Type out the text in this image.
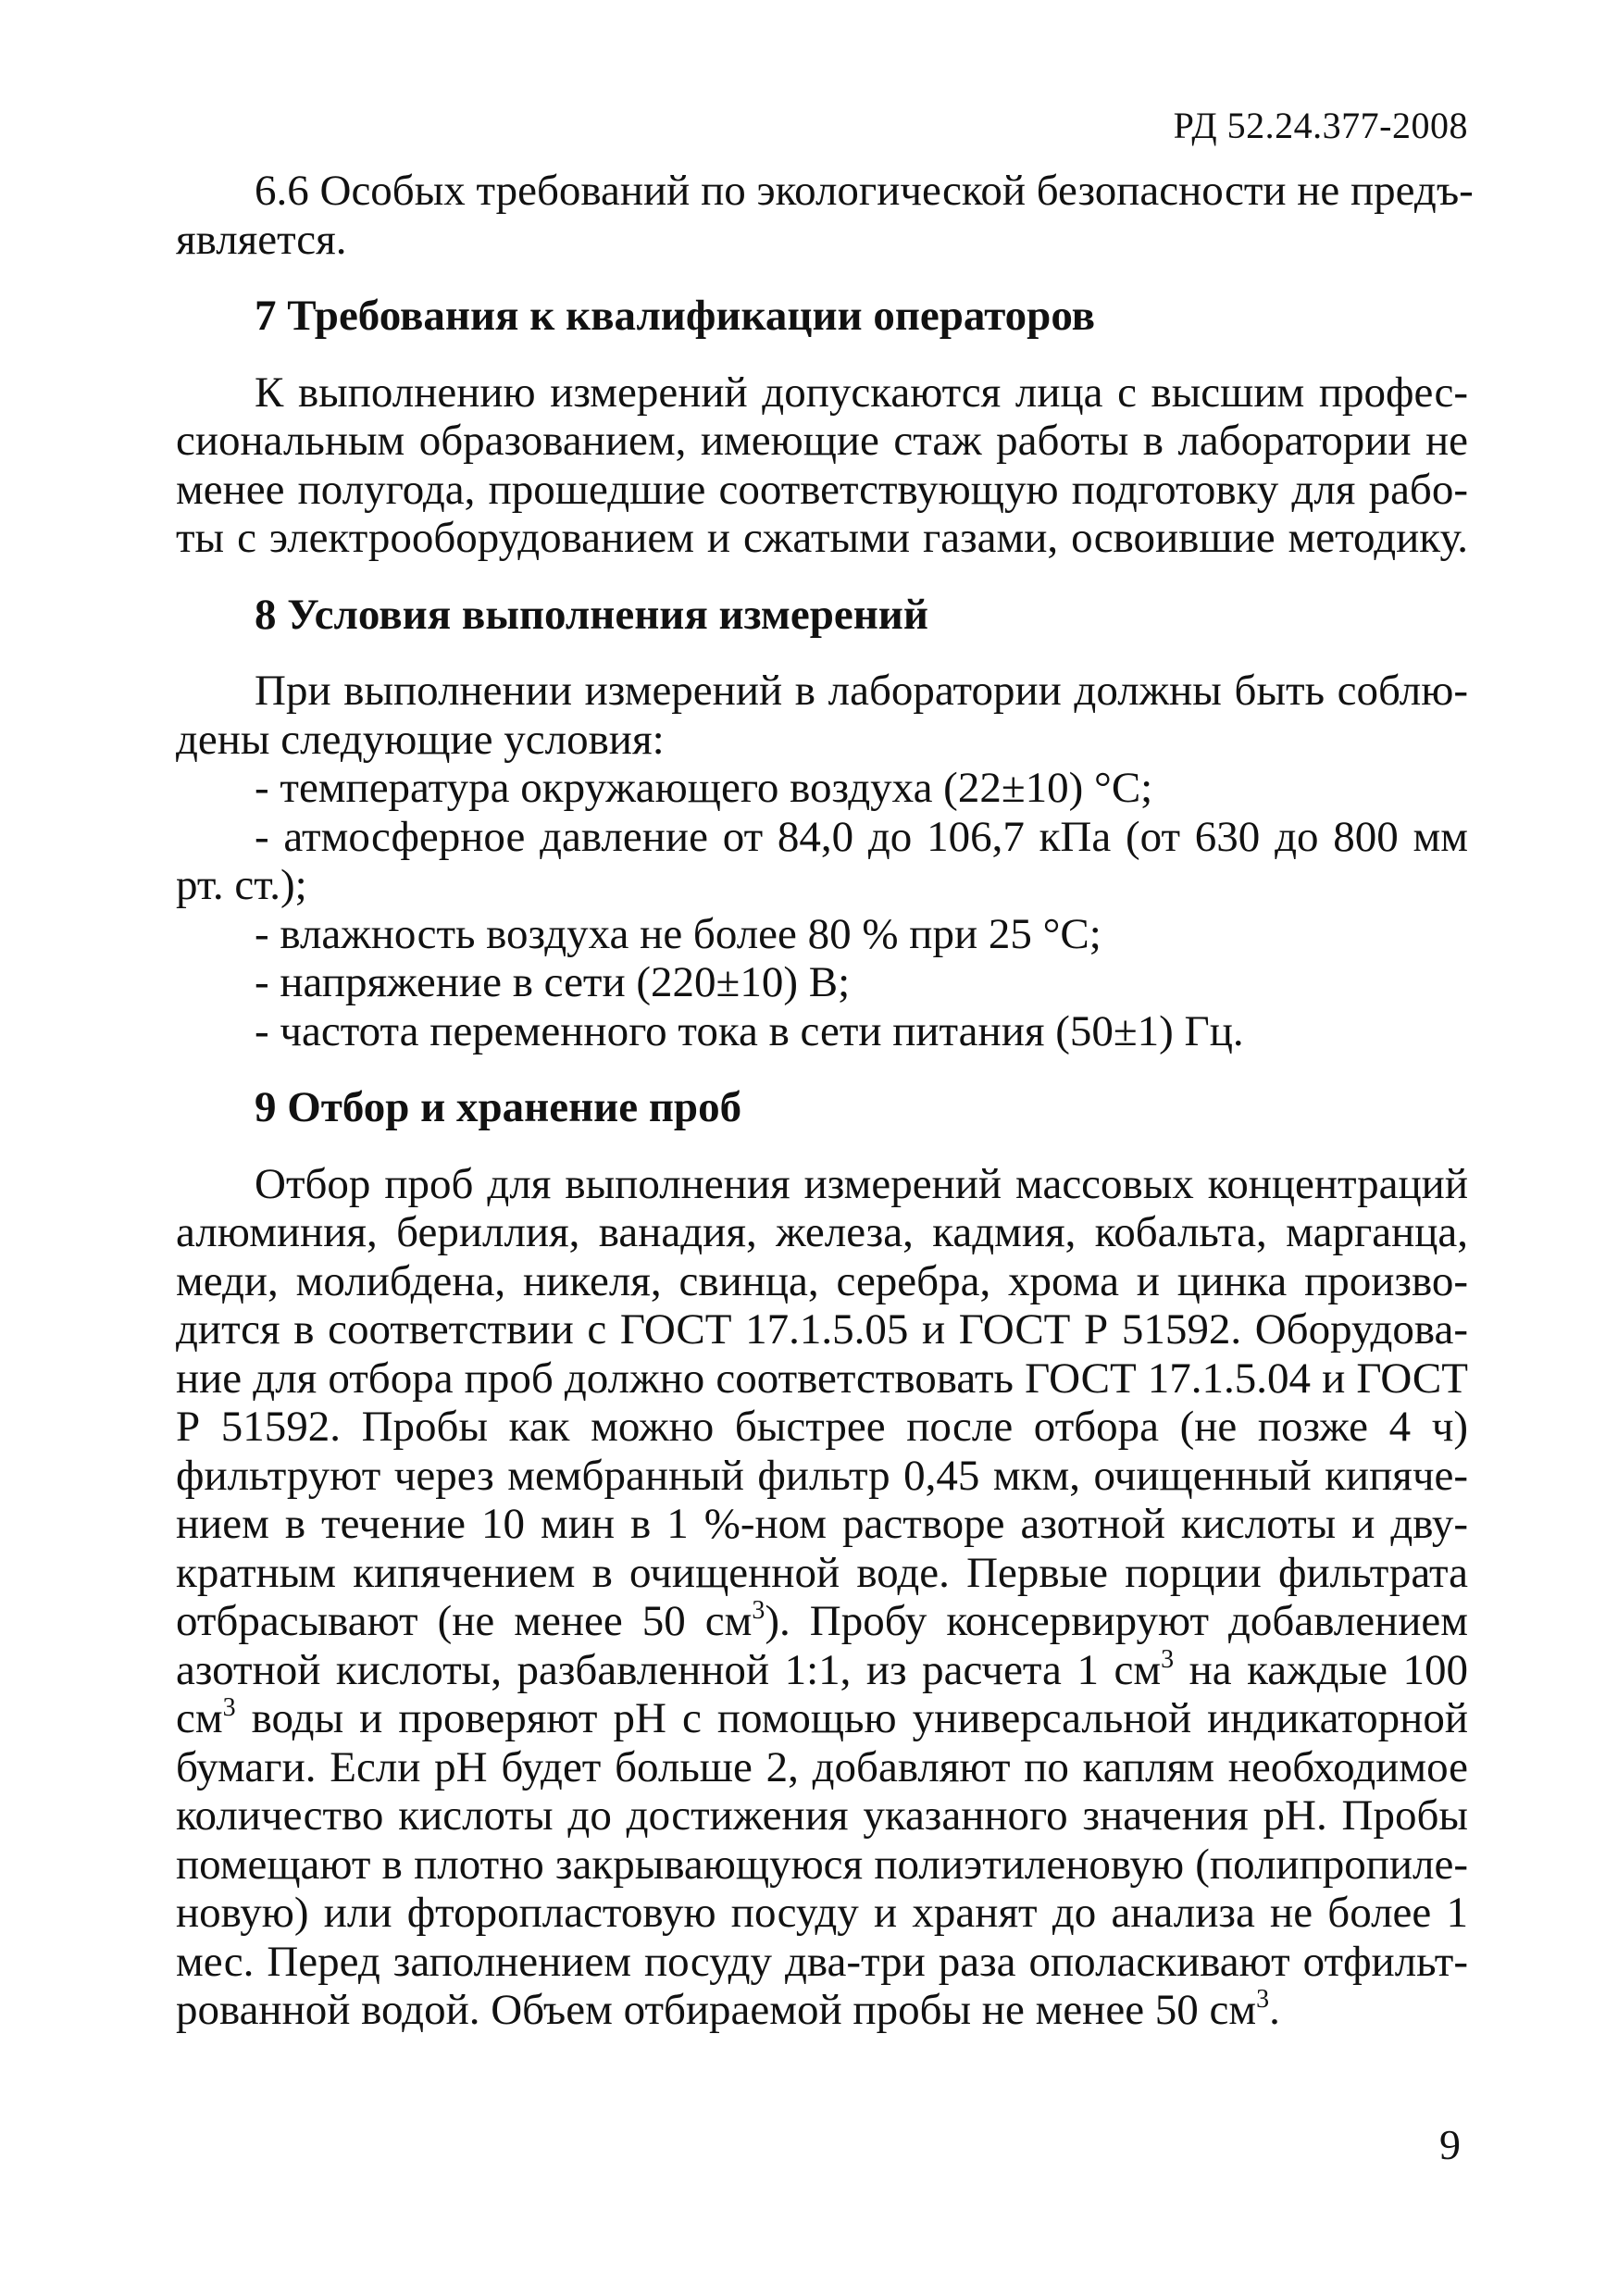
РД 52.24.377-2008
6.6 Особых требований по экологической безопасности не предъ-
является.
7 Требования к квалификации операторов
К выполнению измерений допускаются лица с высшим профес-
сиональным образованием, имеющие стаж работы в лаборатории не
менее полугода, прошедшие соответствующую подготовку для рабо-
ты с электрооборудованием и сжатыми газами, освоившие методику.
8 Условия выполнения измерений
При выполнении измерений в лаборатории должны быть соблю-
дены следующие условия:
- температура окружающего воздуха (22±10) °С;
- атмосферное давление от 84,0 до 106,7 кПа (от 630 до 800 мм
рт. ст.);
- влажность воздуха не более 80 % при 25 °С;
- напряжение в сети (220±10) В;
- частота переменного тока в сети питания (50±1) Гц.
9 Отбор и хранение проб
Отбор проб для выполнения измерений массовых концентраций
алюминия, бериллия, ванадия, железа, кадмия, кобальта, марганца,
меди, молибдена, никеля, свинца, серебра, хрома и цинка произво-
дится в соответствии с ГОСТ 17.1.5.05 и ГОСТ Р 51592. Оборудова-
ние для отбора проб должно соответствовать ГОСТ 17.1.5.04 и ГОСТ
Р 51592. Пробы как можно быстрее после отбора (не позже 4 ч)
фильтруют через мембранный фильтр 0,45 мкм, очищенный кипяче-
нием в течение 10 мин в 1 %-ном растворе азотной кислоты и дву-
кратным кипячением в очищенной воде. Первые порции фильтрата
отбрасывают (не менее 50 $см^3$). Пробу консервируют добавлением
азотной кислоты, разбавленной 1:1, из расчета 1 $см^3$ на каждые 100
$см^3$ воды и проверяют рН с помощью универсальной индикаторной
бумаги. Если рН будет больше 2, добавляют по каплям необходимое
количество кислоты до достижения указанного значения рН. Пробы
помещают в плотно закрывающуюся полиэтиленовую (полипропиле-
новую) или фторопластовую посуду и хранят до анализа не более 1
мес. Перед заполнением посуду два-три раза ополаскивают отфильт-
рованной водой. Объем отбираемой пробы не менее 50 $см^3$.
9
